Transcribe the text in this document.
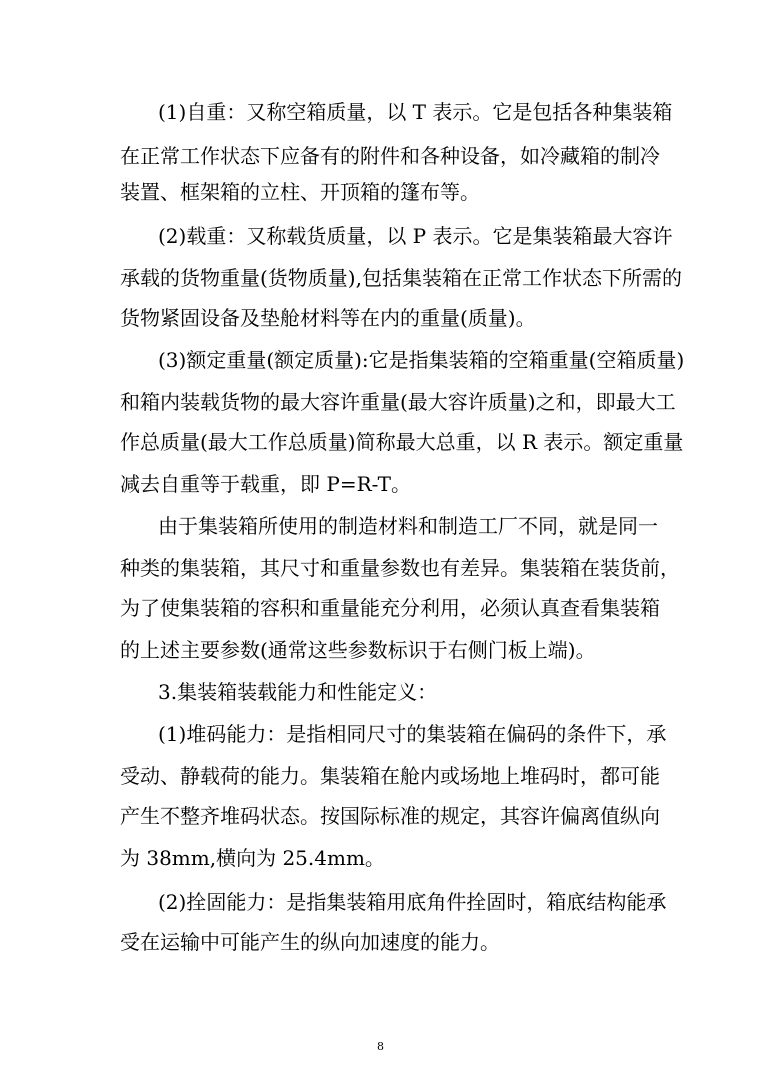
(1)自重：又称空箱质量，以 T 表示。它是包括各种集装箱
在正常工作状态下应备有的附件和各种设备，如冷藏箱的制冷
装置、框架箱的立柱、开顶箱的篷布等。
(2)载重：又称载货质量，以 P 表示。它是集装箱最大容许
承载的货物重量(货物质量),包括集装箱在正常工作状态下所需的
货物紧固设备及垫舱材料等在内的重量(质量)。
(3)额定重量(额定质量):它是指集装箱的空箱重量(空箱质量)
和箱内装载货物的最大容许重量(最大容许质量)之和，即最大工
作总质量(最大工作总质量)简称最大总重，以 R 表示。额定重量
减去自重等于载重，即 P=R-T。
由于集装箱所使用的制造材料和制造工厂不同，就是同一
种类的集装箱，其尺寸和重量参数也有差异。集装箱在装货前，
为了使集装箱的容积和重量能充分利用，必须认真查看集装箱
的上述主要参数(通常这些参数标识于右侧门板上端)。
3.集装箱装载能力和性能定义：
(1)堆码能力：是指相同尺寸的集装箱在偏码的条件下，承
受动、静载荷的能力。集装箱在舱内或场地上堆码时，都可能
产生不整齐堆码状态。按国际标准的规定，其容许偏离值纵向
为 38mm,横向为 25.4mm。
(2)拴固能力：是指集装箱用底角件拴固时，箱底结构能承
受在运输中可能产生的纵向加速度的能力。
8
